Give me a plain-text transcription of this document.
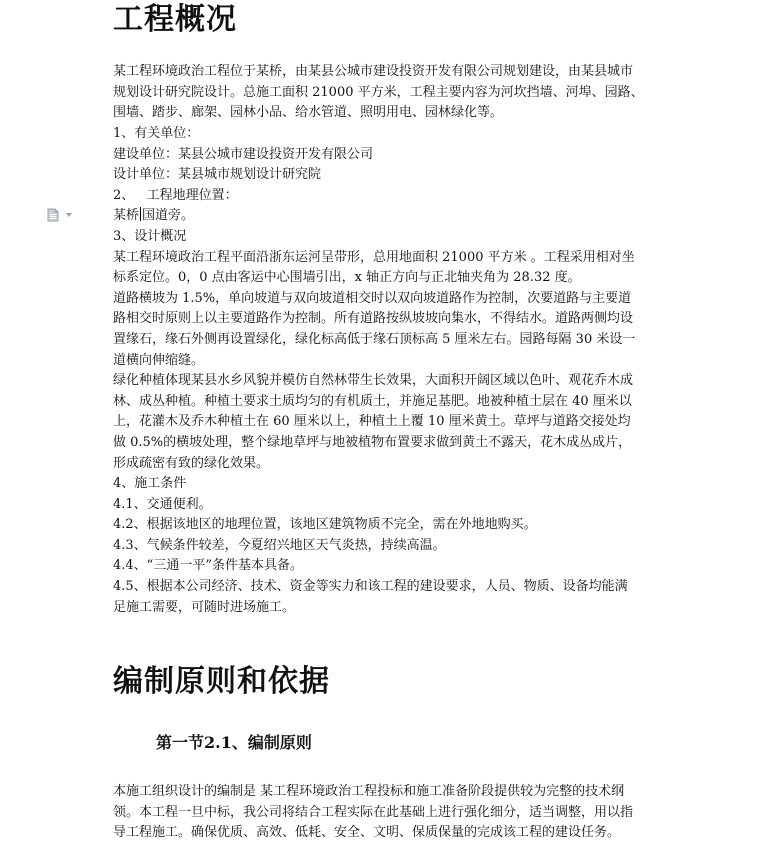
工程概况

某工程环境政治工程位于某桥，由某县公城市建设投资开发有限公司规划建设，由某县城市
规划设计研究院设计。总施工面积 21000 平方米，工程主要内容为河坎挡墙、河埠、园路、
围墙、踏步、廊架、园林小品、给水管道、照明用电、园林绿化等。

1、有关单位：
建设单位：某县公城市建设投资开发有限公司
设计单位：某县城市规划设计研究院
2、   工程地理位置：
某桥 国道旁。
3、设计概况
某工程环境政治工程平面沿浙东运河呈带形，总用地面积 21000 平方米 。工程采用相对坐
标系定位。0，0 点由客运中心围墙引出，x 轴正方向与正北轴夹角为 28.32 度。
道路横坡为 1.5%，单向坡道与双向坡道相交时以双向坡道路作为控制，次要道路与主要道
路相交时原则上以主要道路作为控制。所有道路按纵坡坡向集水，不得结水。道路两侧均设
置缘石，缘石外侧再设置绿化，绿化标高低于缘石顶标高 5 厘米左右。园路每隔 30 米设一
道横向伸缩缝。
绿化种植体现某县水乡风貌并模仿自然林带生长效果，大面积开阔区域以色叶、观花乔木成
林、成丛种植。种植土要求土质均匀的有机质土，并施足基肥。地被种植土层在 40 厘米以
上，花灌木及乔木种植土在 60 厘米以上，种植土上覆 10 厘米黄土。草坪与道路交接处均
做 0.5%的横坡处理，整个绿地草坪与地被植物布置要求做到黄土不露天，花木成丛成片，
形成疏密有致的绿化效果。
4、施工条件
4.1、交通便利。
4.2、根据该地区的地理位置，该地区建筑物质不完全，需在外地地购买。
4.3、气候条件较差，今夏绍兴地区天气炎热，持续高温。
4.4、“三通一平”条件基本具备。
4.5、根据本公司经济、技术、资金等实力和该工程的建设要求，人员、物质、设备均能满
足施工需要，可随时进场施工。

编制原则和依据
第一节2.1、编制原则

本施工组织设计的编制是 某工程环境政治工程投标和施工准备阶段提供较为完整的技术纲
领。本工程一旦中标，我公司将结合工程实际在此基础上进行强化细分，适当调整，用以指
导工程施工。确保优质、高效、低耗、安全、文明、保质保量的完成该工程的建设任务。
